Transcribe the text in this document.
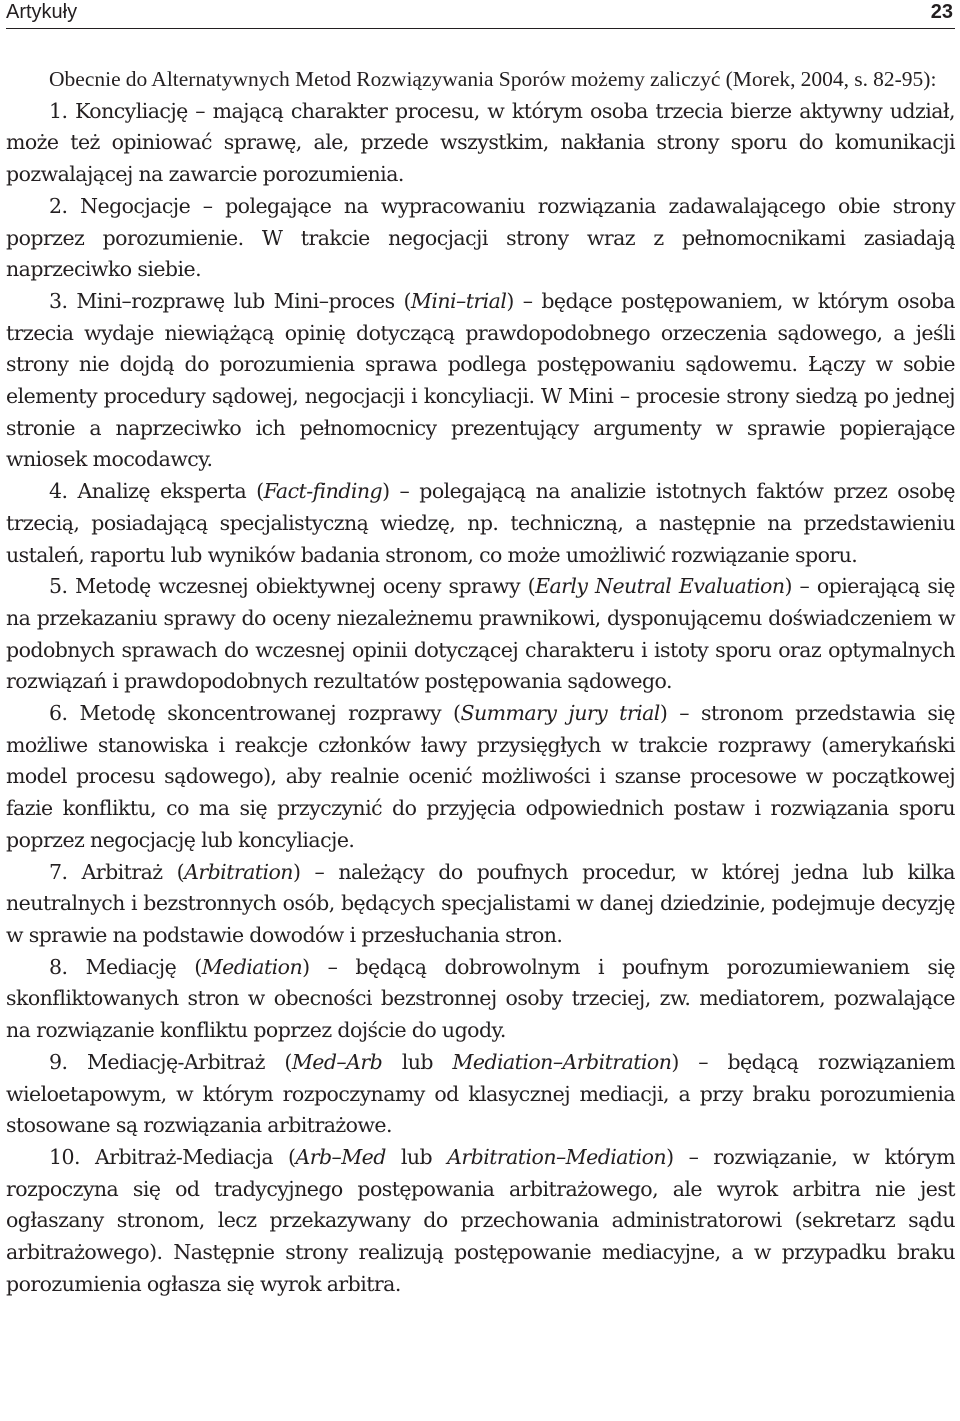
Artykuły	23

Obecnie do Alternatywnych Metod Rozwiązywania Sporów możemy zaliczyć (Morek, 2004, s. 82-95):

1. Koncyliację – mającą charakter procesu, w którym osoba trzecia bierze aktywny udział, może też opiniować sprawę, ale, przede wszystkim, nakłania strony sporu do komunikacji pozwalającej na zawarcie porozumienia.

2. Negocjacje – polegające na wypracowaniu rozwiązania zadawalającego obie strony poprzez porozumienie. W trakcie negocjacji strony wraz z pełnomocnikami zasiadają naprzeciwko siebie.

3. Mini–rozprawę lub Mini–proces (Mini–trial) – będące postępowaniem, w którym osoba trzecia wydaje niewiążącą opinię dotyczącą prawdopodobnego orzeczenia sądowego, a jeśli strony nie dojdą do porozumienia sprawa podlega postępowaniu sądowemu. Łączy w sobie elementy procedury sądowej, negocjacji i koncyliacji. W Mini – procesie strony siedzą po jednej stronie a naprzeciwko ich pełnomocnicy prezentujący argumenty w sprawie popierające wniosek mocodawcy.

4. Analizę eksperta (Fact-finding) – polegającą na analizie istotnych faktów przez osobę trzecią, posiadającą specjalistyczną wiedzę, np. techniczną, a następnie na przedstawieniu ustaleń, raportu lub wyników badania stronom, co może umożliwić rozwiązanie sporu.

5. Metodę wczesnej obiektywnej oceny sprawy (Early Neutral Evaluation) – opierającą się na przekazaniu sprawy do oceny niezależnemu prawnikowi, dysponującemu doświadczeniem w podobnych sprawach do wczesnej opinii dotyczącej charakteru i istoty sporu oraz optymalnych rozwiązań i prawdopodobnych rezultatów postępowania sądowego.

6. Metodę skoncentrowanej rozprawy (Summary jury trial) – stronom przedstawia się możliwe stanowiska i reakcje członków ławy przysięgłych w trakcie rozprawy (amerykański model procesu sądowego), aby realnie ocenić możliwości i szanse procesowe w początkowej fazie konfliktu, co ma się przyczynić do przyjęcia odpowiednich postaw i rozwiązania sporu poprzez negocjację lub koncyliacje.

7. Arbitraż (Arbitration) – należący do poufnych procedur, w której jedna lub kilka neutralnych i bezstronnych osób, będących specjalistami w danej dziedzinie, podejmuje decyzję w sprawie na podstawie dowodów i przesłuchania stron.

8. Mediację (Mediation) – będącą dobrowolnym i poufnym porozumiewaniem się skonfliktowanych stron w obecności bezstronnej osoby trzeciej, zw. mediatorem, pozwalające na rozwiązanie konfliktu poprzez dojście do ugody.

9. Mediację-Arbitraż (Med–Arb lub Mediation–Arbitration) – będącą rozwiązaniem wieloetapowym, w którym rozpoczynamy od klasycznej mediacji, a przy braku porozumienia stosowane są rozwiązania arbitrażowe.

10. Arbitraż-Mediacja (Arb–Med lub Arbitration–Mediation) – rozwiązanie, w którym rozpoczyna się od tradycyjnego postępowania arbitrażowego, ale wyrok arbitra nie jest ogłaszany stronom, lecz przekazywany do przechowania administratorowi (sekretarz sądu arbitrażowego). Następnie strony realizują postępowanie mediacyjne, a w przypadku braku porozumienia ogłasza się wyrok arbitra.
